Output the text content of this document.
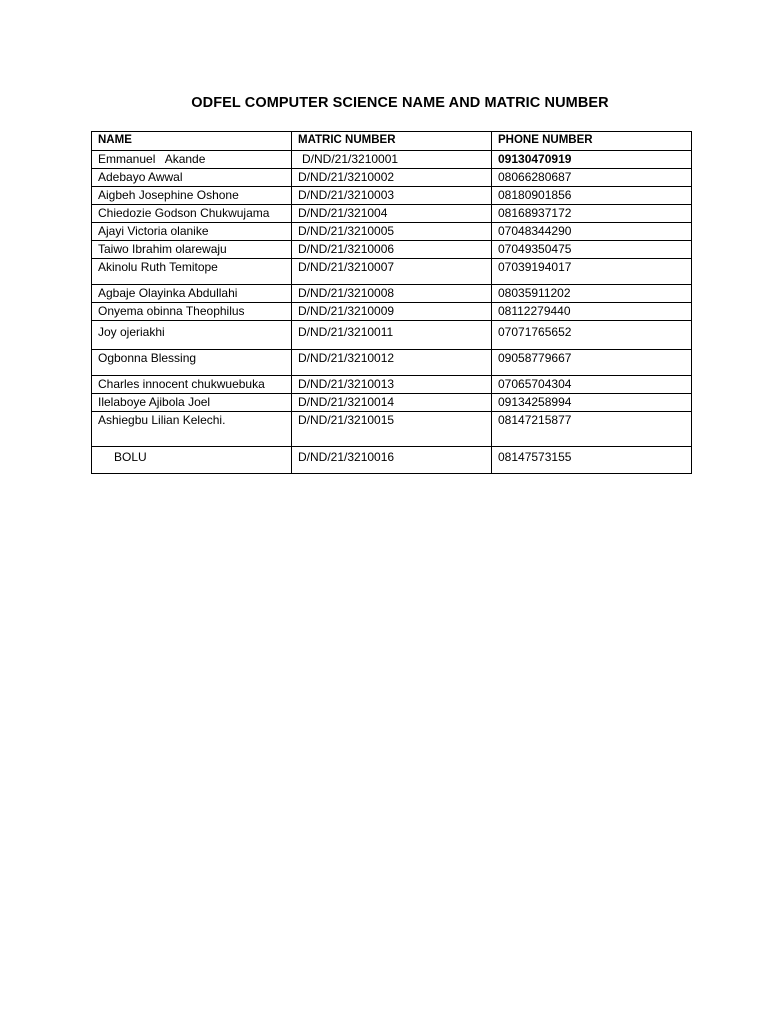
ODFEL COMPUTER SCIENCE NAME AND MATRIC NUMBER
NAME	MATRIC NUMBER	PHONE NUMBER
Emmanuel   Akande	D/ND/21/3210001	09130470919
Adebayo Awwal	D/ND/21/3210002	08066280687
Aigbeh Josephine Oshone	D/ND/21/3210003	08180901856
Chiedozie Godson Chukwujama	D/ND/21/321004	08168937172
Ajayi Victoria olanike	D/ND/21/3210005	07048344290
Taiwo Ibrahim olarewaju	D/ND/21/3210006	07049350475
Akinolu Ruth Temitope	D/ND/21/3210007	07039194017
Agbaje Olayinka Abdullahi	D/ND/21/3210008	08035911202
Onyema obinna Theophilus	D/ND/21/3210009	08112279440
Joy ojeriakhi	D/ND/21/3210011	07071765652
Ogbonna Blessing	D/ND/21/3210012	09058779667
Charles innocent chukwuebuka	D/ND/21/3210013	07065704304
Ilelaboye Ajibola Joel	D/ND/21/3210014	09134258994
Ashiegbu Lilian Kelechi.	D/ND/21/3210015	08147215877
BOLU	D/ND/21/3210016	08147573155
